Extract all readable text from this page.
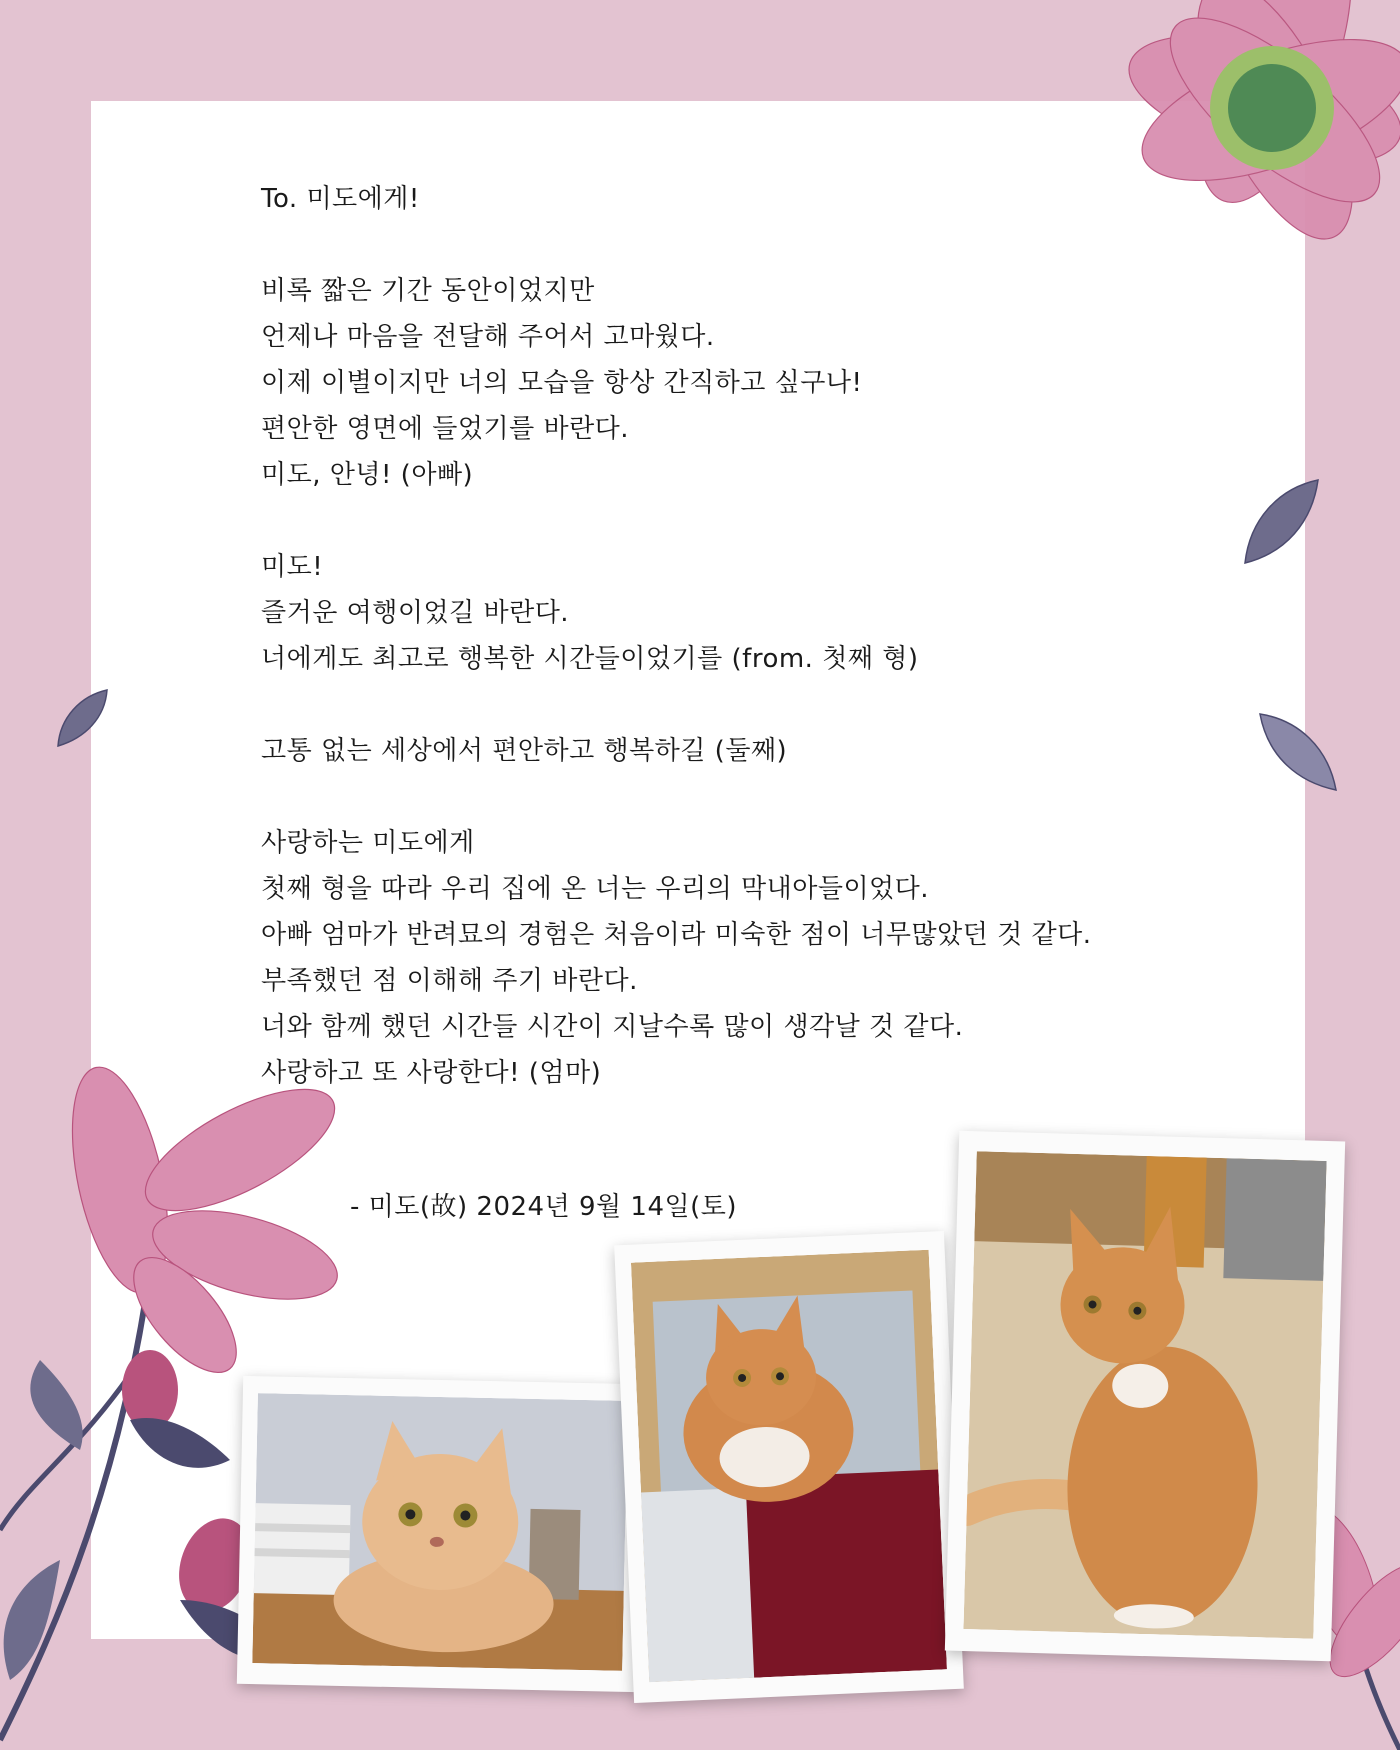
To. 미도에게!
비록 짧은 기간 동안이었지만
언제나 마음을 전달해 주어서 고마웠다.
이제 이별이지만 너의 모습을 항상 간직하고 싶구나!
편안한 영면에 들었기를 바란다.
미도, 안녕! (아빠)
미도!
즐거운 여행이었길 바란다.
너에게도 최고로 행복한 시간들이었기를 (from. 첫째 형)
고통 없는 세상에서 편안하고 행복하길 (둘째)
사랑하는 미도에게
첫째 형을 따라 우리 집에 온 너는 우리의 막내아들이었다.
아빠 엄마가 반려묘의 경험은 처음이라 미숙한 점이 너무많았던 것 같다.
부족했던 점 이해해 주기 바란다.
너와 함께 했던 시간들 시간이 지날수록 많이 생각날 것 같다.
사랑하고 또 사랑한다! (엄마)
- 미도(故) 2024년 9월 14일(토)
